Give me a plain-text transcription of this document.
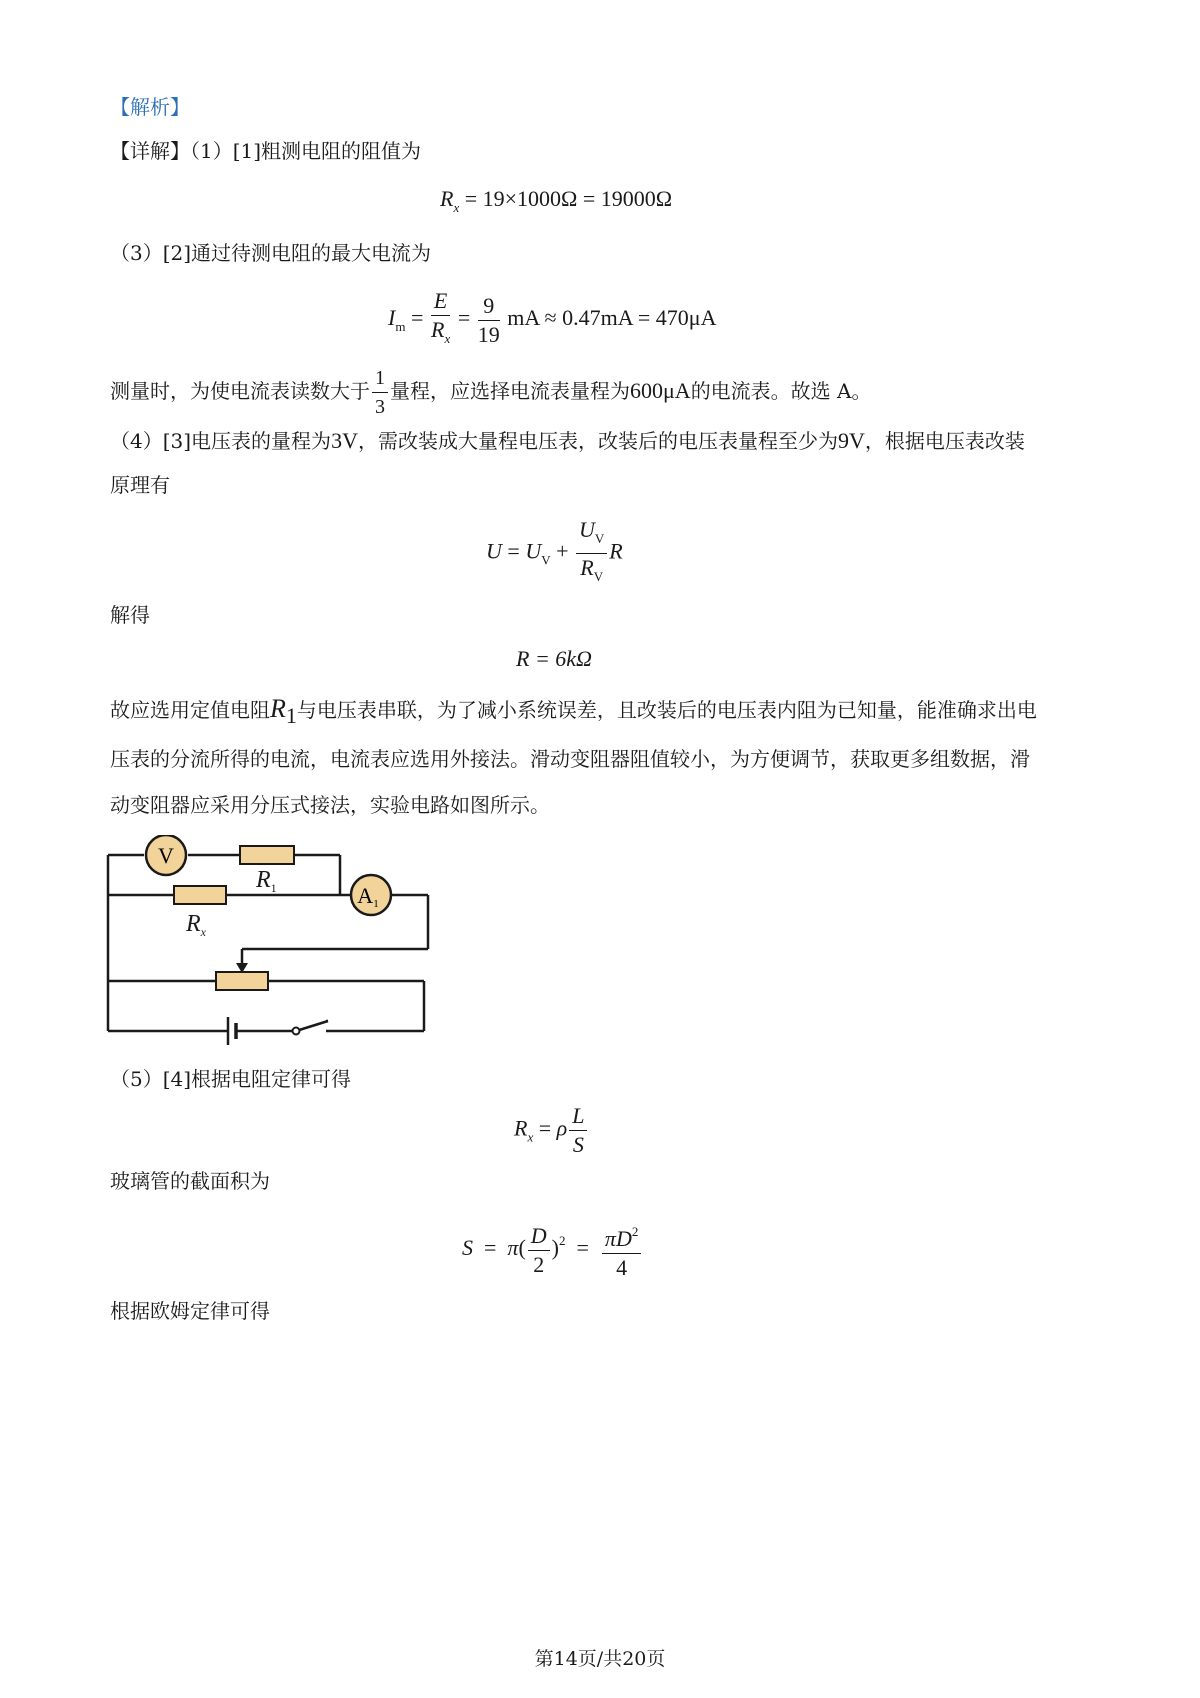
【解析】
【详解】（1）[1]粗测电阻的阻值为
$R_x = 19\times 1000\Omega = 19000\Omega$
（3）[2]通过待测电阻的最大电流为
$I_m = \frac{E}{R_x} = \frac{9}{19}$ mA ≈ 0.47mA = 470μA
测量时，为使电流表读数大于 $\frac{1}{3}$ 量程，应选择电流表量程为600μA的电流表。故选 A。
（4）[3]电压表的量程为3V，需改装成大量程电压表，改装后的电压表量程至少为9V，根据电压表改装
原理有
$U = U_V + \frac{U_V}{R_V}$ R
解得
R = 6kΩ
故应选用定值电阻R1与电压表串联，为了减小系统误差，且改装后的电压表内阻为已知量，能准确求出电
压表的分流所得的电流，电流表应选用外接法。滑动变阻器阻值较小，为方便调节，获取更多组数据，滑
动变阻器应采用分压式接法，实验电路如图所示。
V
A1
$R_1$
$R_x$
（5）[4]根据电阻定律可得
$R_x = \rho \frac{L}{S}$
玻璃管的截面积为
$S = \pi( \frac{D}{2} )^2 = \frac{\pi D^2}{4}$
根据欧姆定律可得
第14页/共20页
